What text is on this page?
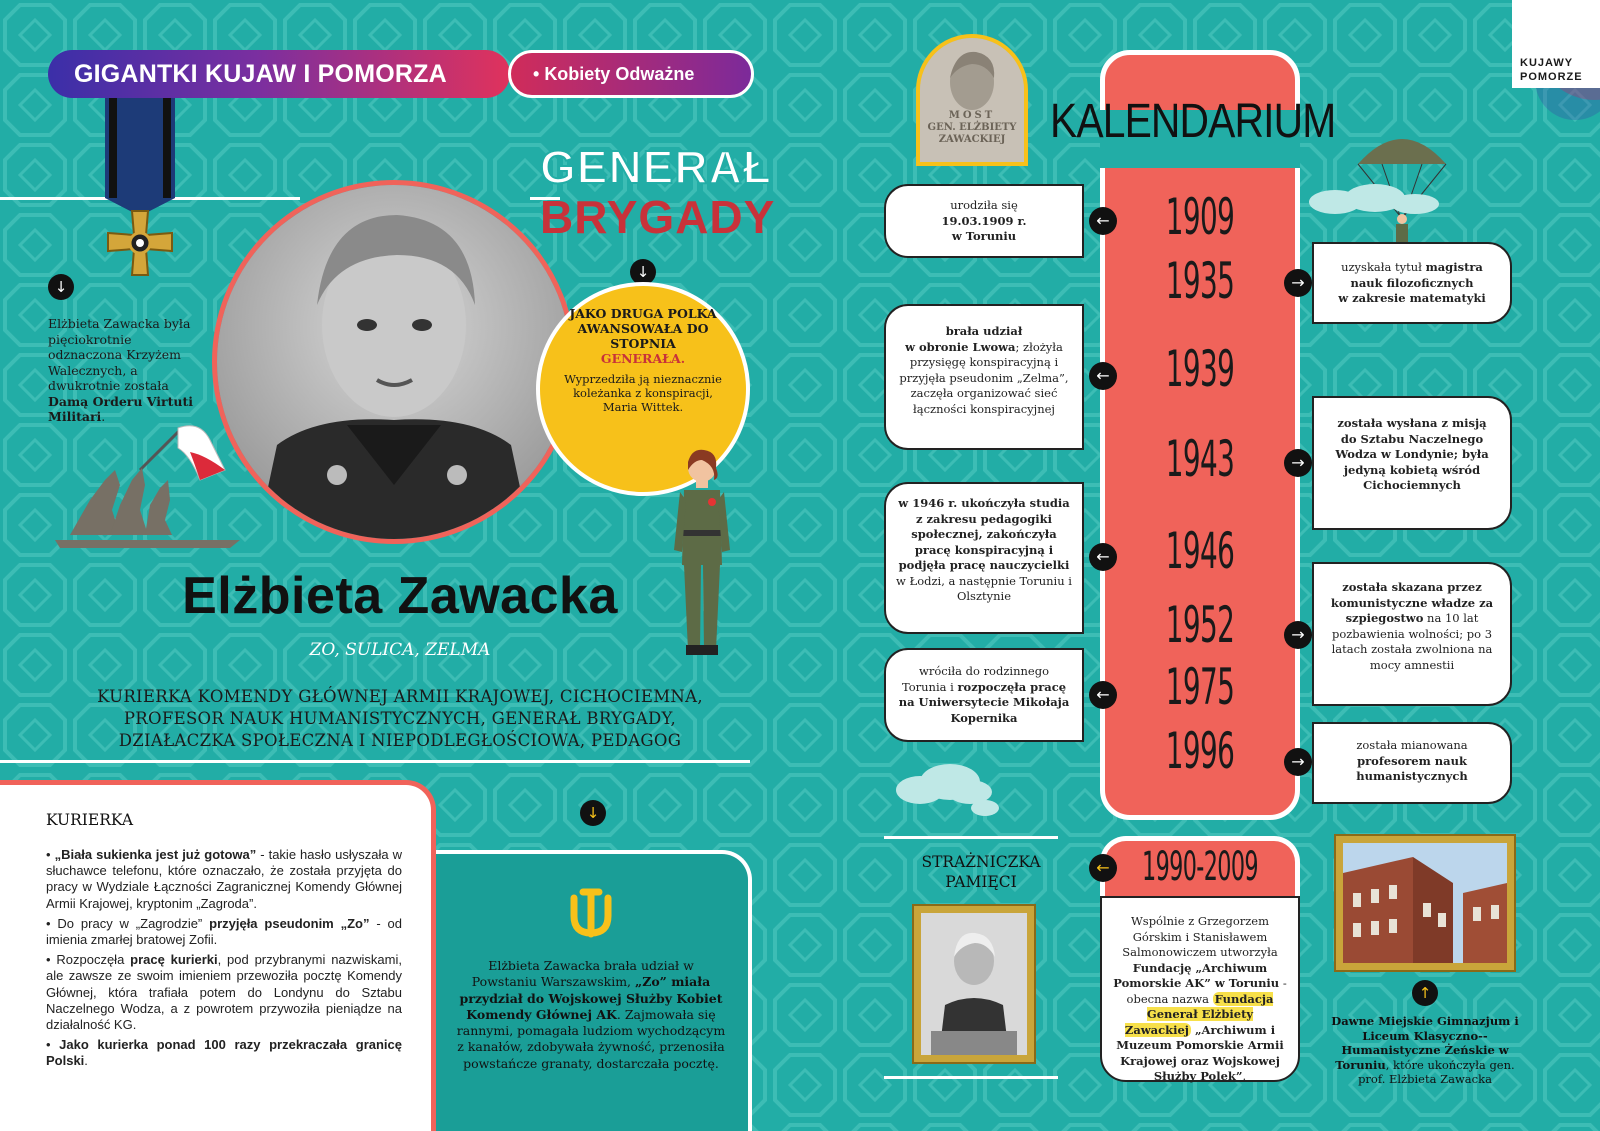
GIGANTKI KUJAW I POMORZA	• Kobiety Odważne
KUJAWY
POMORZE
↓
Elżbieta Zawacka była pięciokrotnie odznaczona Krzyżem Walecznych, a dwukrotnie została Damą Orderu Virtuti Militari.
GENERAŁ
BRYGADY
↓
JAKO DRUGA POLKA AWANSOWAŁA DO STOPNIA
GENERAŁA.
Wyprzedziła ją nieznacznie koleżanka z konspiracji, Maria Wittek.
Elżbieta Zawacka
ZO, SULICA, ZELMA
KURIERKA KOMENDY GŁÓWNEJ ARMII KRAJOWEJ, CICHOCIEMNA,
PROFESOR NAUK HUMANISTYCZNYCH, GENERAŁ BRYGADY,
DZIAŁACZKA SPOŁECZNA I NIEPODLEGŁOŚCIOWA, PEDAGOG
KURIERKA
• „Biała sukienka jest już gotowa” - takie hasło usłyszała w słuchawce telefonu, które oznaczało, że została przyjęta do pracy w Wydziale Łączności Zagranicznej Komendy Głównej Armii Krajowej, kryptonim „Zagroda”.
• Do pracy w „Zagrodzie” przyjęła pseudonim „Zo” - od imienia zmarłej bratowej Zofii.
• Rozpoczęła pracę kurierki, pod przybranymi nazwiskami, ale zawsze ze swoim imieniem przewoziła pocztę Komendy Głównej, która trafiała potem do Londynu do Sztabu Naczelnego Wodza, a z powrotem przywoziła pieniądze na działalność KG.
• Jako kurierka ponad 100 razy przekraczała granicę Polski.
↓
Elżbieta Zawacka brała udział w Powstaniu Warszawskim, „Zo” miała przydział do Wojskowej Służby Kobiet Komendy Głównej AK. Zajmowała się rannymi, pomagała ludziom wychodzącym z kanałów, zdobywała żywność, przenosiła powstańcze granaty, dostarczała pocztę.
MOST
GEN. ELŻBIETY
ZAWACKIEJ KALENDARIUM
1909
1935
1939
1943
1946
1952
1975
1996
urodziła się
19.03.1909 r.
w Toruniu
←
brała udział
w obronie Lwowa; złożyła przysięgę konspiracyjną i przyjęła pseudonim „Zelma”, zaczęła organizować sieć łączności konspiracyjnej
←
w 1946 r. ukończyła studia z zakresu pedagogiki społecznej, zakończyła pracę konspiracyjną i podjęła pracę nauczycielki w Łodzi, a następnie Toruniu i Olsztynie
←
wróciła do rodzinnego Torunia i rozpoczęła pracę na Uniwersytecie Mikołaja Kopernika
←
uzyskała tytuł magistra
nauk filozoficznych
w zakresie matematyki
→
została wysłana z misją do Sztabu Naczelnego Wodza w Londynie; była jedyną kobietą wśród Cichociemnych
→
została skazana przez komunistyczne władze za szpiegostwo na 10 lat pozbawienia wolności; po 3 latach została zwolniona na mocy amnestii
→
została mianowana
profesorem nauk humanistycznych
→
STRAŻNICZKA
PAMIĘCI	1990-2009
←
Wspólnie z Grzegorzem Górskim i Stanisławem Salmonowiczem utworzyła Fundację „Archiwum Pomorskie AK” w Toruniu - obecna nazwa Fundacja Generał Elżbiety Zawackiej „Archiwum i Muzeum Pomorskie Armii Krajowej oraz Wojskowej Służby Polek”.
↑
Dawne Miejskie Gimnazjum i Liceum Klasyczno--Humanistyczne Żeńskie w Toruniu, które ukończyła gen. prof. Elżbieta Zawacka
